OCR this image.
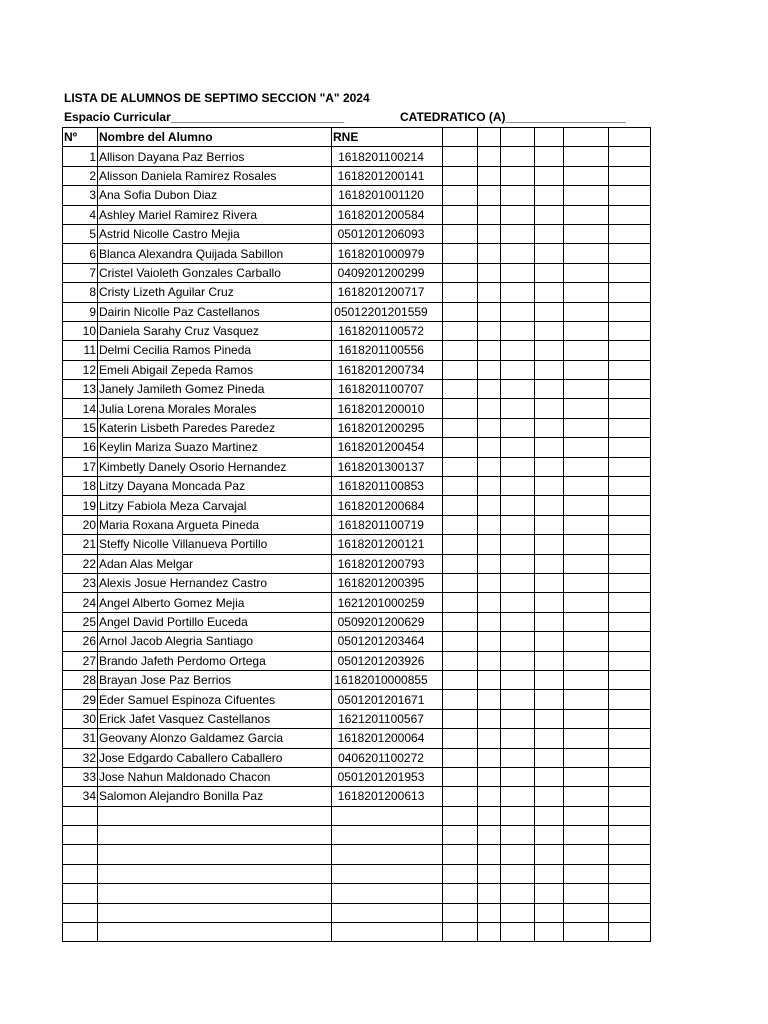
LISTA DE ALUMNOS DE SEPTIMO SECCION "A" 2024
Espacio Curricular__________________________	CATEDRATICO (A)__________________
Nº	Nombre del Alumno	RNE						
1	Allison Dayana Paz Berrios	1618201100214						
2	Alisson Daniela Ramirez Rosales	1618201200141						
3	Ana Sofia Dubon Diaz	1618201001120						
4	Ashley Mariel Ramirez Rivera	1618201200584						
5	Astrid Nicolle Castro Mejia	0501201206093						
6	Blanca Alexandra Quijada Sabillon	1618201000979						
7	Cristel Vaioleth Gonzales Carballo	0409201200299						
8	Cristy Lizeth Aguilar Cruz	1618201200717						
9	Dairin Nicolle Paz Castellanos	05012201201559						
10	Daniela Sarahy Cruz Vasquez	1618201100572						
11	Delmi Cecilia Ramos Pineda	1618201100556						
12	Emeli Abigail Zepeda Ramos	1618201200734						
13	Janely Jamileth Gomez Pineda	1618201100707						
14	Julia Lorena Morales Morales	1618201200010						
15	Katerin Lisbeth Paredes Paredez	1618201200295						
16	Keylin Mariza Suazo Martinez	1618201200454						
17	Kimbetly Danely Osorio Hernandez	1618201300137						
18	Litzy Dayana Moncada Paz	1618201100853						
19	Litzy Fabiola Meza Carvajal	1618201200684						
20	Maria Roxana Argueta Pineda	1618201100719						
21	Steffy Nicolle Villanueva Portillo	1618201200121						
22	Adan Alas Melgar	1618201200793						
23	Alexis Josue Hernandez Castro	1618201200395						
24	Angel Alberto Gomez Mejia	1621201000259						
25	Angel David Portillo Euceda	0509201200629						
26	Arnol Jacob Alegria Santiago	0501201203464						
27	Brando Jafeth Perdomo Ortega	0501201203926						
28	Brayan Jose Paz Berrios	16182010000855						
29	Eder Samuel Espinoza Cifuentes	0501201201671						
30	Erick Jafet Vasquez Castellanos	1621201100567						
31	Geovany Alonzo Galdamez Garcia	1618201200064						
32	Jose Edgardo Caballero Caballero	0406201100272						
33	Jose Nahun Maldonado Chacon	0501201201953						
34	Salomon Alejandro Bonilla Paz	1618201200613						
